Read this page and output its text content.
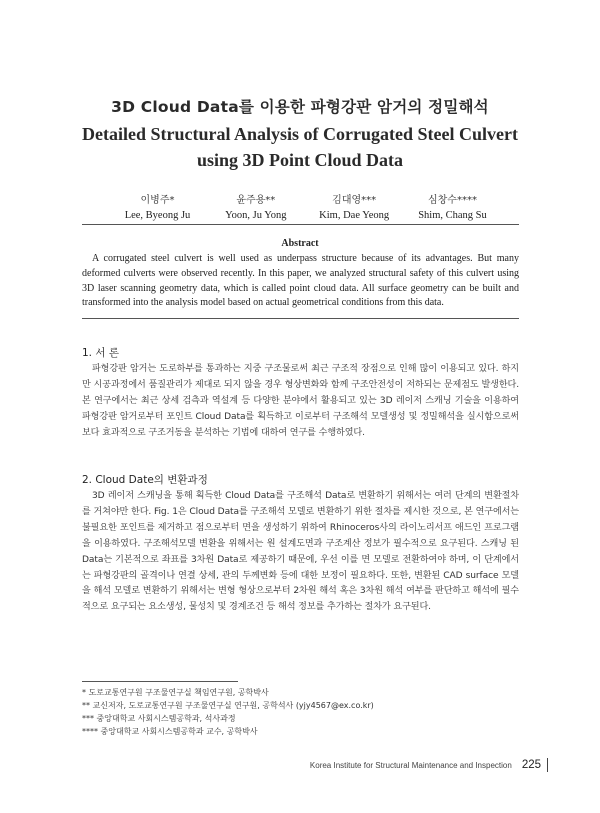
3D Cloud Data를 이용한 파형강판 암거의 정밀해석
Detailed Structural Analysis of Corrugated Steel Culvert
using 3D Point Cloud Data
이병주*
Lee, Byeong Ju
윤주용**
Yoon, Ju Yong
김대영***
Kim, Dae Yeong
심창수****
Shim, Chang Su
Abstract

A corrugated steel culvert is well used as underpass structure because of its advantages. But many deformed culverts were observed recently. In this paper, we analyzed structural safety of this culvert using 3D laser scanning geometry data, which is called point cloud data. All surface geometry can be built and transformed into the analysis model based on actual geometrical conditions from this data.

1. 서 론

파형강판 암거는 도로하부를 통과하는 지중 구조물로써 최근 구조적 장점으로 인해 많이 이용되고 있다. 하지만 시공과정에서 품질관리가 제대로 되지 않을 경우 형상변화와 함께 구조안전성이 저하되는 문제점도 발생한다. 본 연구에서는 최근 상세 검측과 역설계 등 다양한 분야에서 활용되고 있는 3D 레이저 스캐닝 기술을 이용하여 파형강판 암거로부터 포인트 Cloud Data를 획득하고 이로부터 구조해석 모델생성 및 정밀해석을 실시함으로써 보다 효과적으로 구조거동을 분석하는 기법에 대하여 연구를 수행하였다.

2. Cloud Date의 변환과정

3D 레이저 스캐닝을 통해 획득한 Cloud Data를 구조해석 Data로 변환하기 위해서는 여러 단계의 변환절차를 거쳐야만 한다. Fig. 1은 Cloud Data를 구조해석 모델로 변환하기 위한 절차를 제시한 것으로, 본 연구에서는 불필요한 포인트를 제거하고 점으로부터 면을 생성하기 위하여 Rhinoceros사의 라이노리서프 애드인 프로그램을 이용하였다. 구조해석모델 변환을 위해서는 원 설계도면과 구조계산 정보가 필수적으로 요구된다. 스캐닝 된 Data는 기본적으로 좌표를 3차원 Data로 제공하기 때문에, 우선 이를 면 모델로 전환하여야 하며, 이 단계에서는 파형강판의 골격이나 연결 상세, 관의 두께변화 등에 대한 보정이 필요하다. 또한, 변환된 CAD surface 모델을 해석 모델로 변환하기 위해서는 변형 형상으로부터 2차원 해석 혹은 3차원 해석 여부를 판단하고 해석에 필수적으로 요구되는 요소생성, 물성치 및 경계조건 등 해석 정보를 추가하는 절차가 요구된다.

* 도로교통연구원 구조물연구실 책임연구원, 공학박사
** 교신저자, 도로교통연구원 구조물연구실 연구원, 공학석사 (yjy4567@ex.co.kr)
*** 중앙대학교 사회시스템공학과, 석사과정
**** 중앙대학교 사회시스템공학과 교수, 공학박사
Korea Institute for Structural Maintenance and Inspection 225
